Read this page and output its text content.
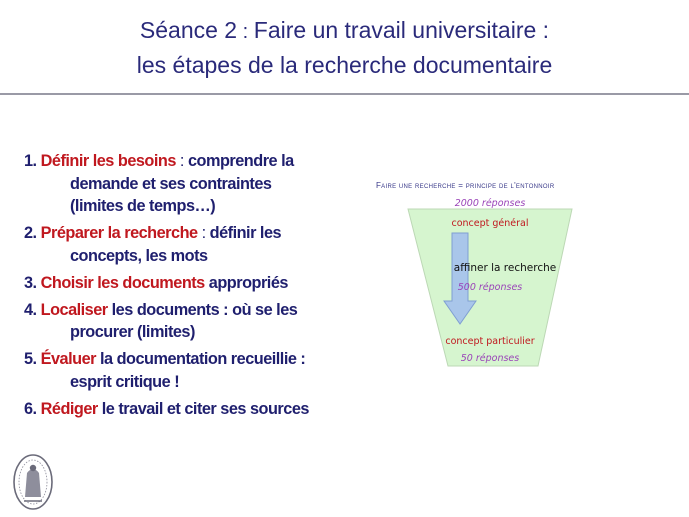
Séance 2 : Faire un travail universitaire :
les étapes de la recherche documentaire
1. Définir les besoins : comprendre la
demande et ses contraintes
(limites de temps…)
2. Préparer la recherche : définir les
concepts, les mots
3. Choisir les documents appropriés
4. Localiser les documents : où se les
procurer (limites)
5. Évaluer la documentation recueillie :
esprit critique !
6. Rédiger le travail et citer ses sources
Faire une recherche = principe de l'entonnoir
2000 réponses
concept général
affiner la recherche
500 réponses
concept particulier
50 réponses
